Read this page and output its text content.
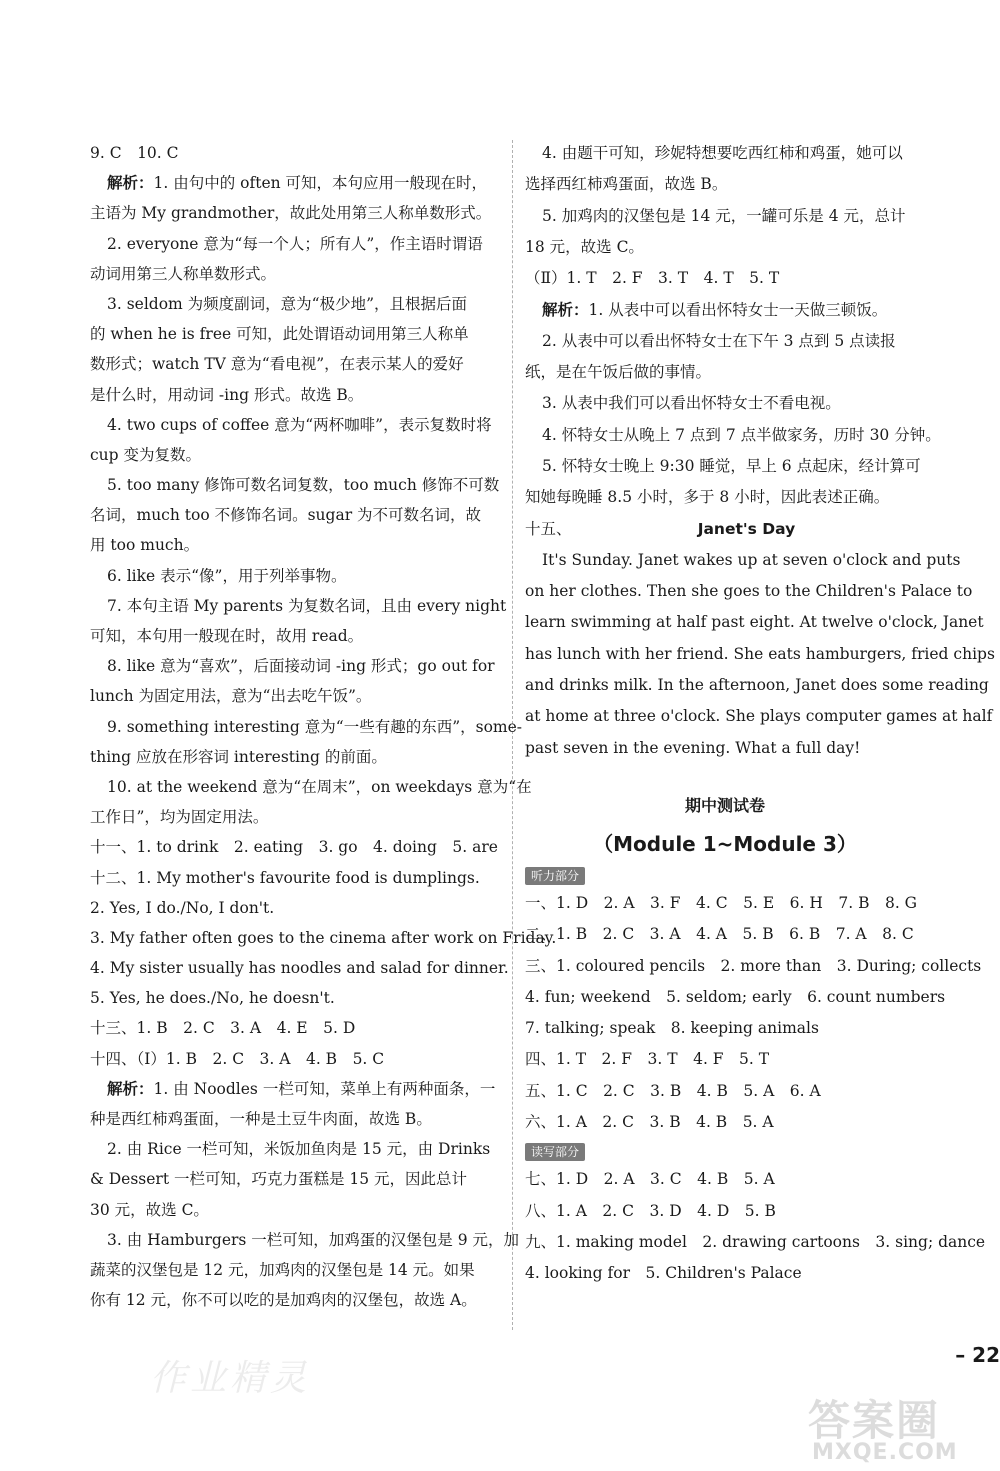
9. C　10. C
解析：1. 由句中的 often 可知，本句应用一般现在时，
主语为 My grandmother，故此处用第三人称单数形式。
2. everyone 意为“每一个人；所有人”，作主语时谓语
动词用第三人称单数形式。
3. seldom 为频度副词，意为“极少地”，且根据后面
的 when he is free 可知，此处谓语动词用第三人称单
数形式；watch TV 意为“看电视”，在表示某人的爱好
是什么时，用动词 -ing 形式。故选 B。
4. two cups of coffee 意为“两杯咖啡”，表示复数时将
cup 变为复数。
5. too many 修饰可数名词复数，too much 修饰不可数
名词，much too 不修饰名词。sugar 为不可数名词，故
用 too much。
6. like 表示“像”，用于列举事物。
7. 本句主语 My parents 为复数名词，且由 every night
可知，本句用一般现在时，故用 read。
8. like 意为“喜欢”，后面接动词 -ing 形式；go out for
lunch 为固定用法，意为“出去吃午饭”。
9. something interesting 意为“一些有趣的东西”，some-
thing 应放在形容词 interesting 的前面。
10. at the weekend 意为“在周末”，on weekdays 意为“在
工作日”，均为固定用法。
十一、1. to drink　2. eating　3. go　4. doing　5. are
十二、1. My mother's favourite food is dumplings.
2. Yes, I do./No, I don't.
3. My father often goes to the cinema after work on Friday.
4. My sister usually has noodles and salad for dinner.
5. Yes, he does./No, he doesn't.
十三、1. B　2. C　3. A　4. E　5. D
十四、（Ⅰ）1. B　2. C　3. A　4. B　5. C
解析：1. 由 Noodles 一栏可知，菜单上有两种面条，一
种是西红柿鸡蛋面，一种是土豆牛肉面，故选 B。
2. 由 Rice 一栏可知，米饭加鱼肉是 15 元，由 Drinks
& Dessert 一栏可知，巧克力蛋糕是 15 元，因此总计
30 元，故选 C。
3. 由 Hamburgers 一栏可知，加鸡蛋的汉堡包是 9 元，加
蔬菜的汉堡包是 12 元，加鸡肉的汉堡包是 14 元。如果
你有 12 元，你不可以吃的是加鸡肉的汉堡包，故选 A。
4. 由题干可知，珍妮特想要吃西红柿和鸡蛋，她可以
选择西红柿鸡蛋面，故选 B。
5. 加鸡肉的汉堡包是 14 元，一罐可乐是 4 元，总计
18 元，故选 C。
（Ⅱ）1. T　2. F　3. T　4. T　5. T
解析：1. 从表中可以看出怀特女士一天做三顿饭。
2. 从表中可以看出怀特女士在下午 3 点到 5 点读报
纸，是在午饭后做的事情。
3. 从表中我们可以看出怀特女士不看电视。
4. 怀特女士从晚上 7 点到 7 点半做家务，历时 30 分钟。
5. 怀特女士晚上 9:30 睡觉，早上 6 点起床，经计算可
知她每晚睡 8.5 小时，多于 8 小时，因此表述正确。
十五、	Janet's Day
It's Sunday. Janet wakes up at seven o'clock and puts
on her clothes. Then she goes to the Children's Palace to
learn swimming at half past eight. At twelve o'clock, Janet
has lunch with her friend. She eats hamburgers, fried chips
and drinks milk. In the afternoon, Janet does some reading
at home at three o'clock. She plays computer games at half
past seven in the evening. What a full day!
期中测试卷
（Module 1~Module 3）
听力部分
一、1. D　2. A　3. F　4. C　5. E　6. H　7. B　8. G
二、1. B　2. C　3. A　4. A　5. B　6. B　7. A　8. C
三、1. coloured pencils　2. more than　3. During; collects
4. fun; weekend　5. seldom; early　6. count numbers
7. talking; speak　8. keeping animals
四、1. T　2. F　3. T　4. F　5. T
五、1. C　2. C　3. B　4. B　5. A　6. A
六、1. A　2. C　3. B　4. B　5. A
读写部分
七、1. D　2. A　3. C　4. B　5. A
八、1. A　2. C　3. D　4. D　5. B
九、1. making model　2. drawing cartoons　3. sing; dance
4. looking for　5. Children's Palace
– 22
作业精灵
答案圈
MXQE.COM
